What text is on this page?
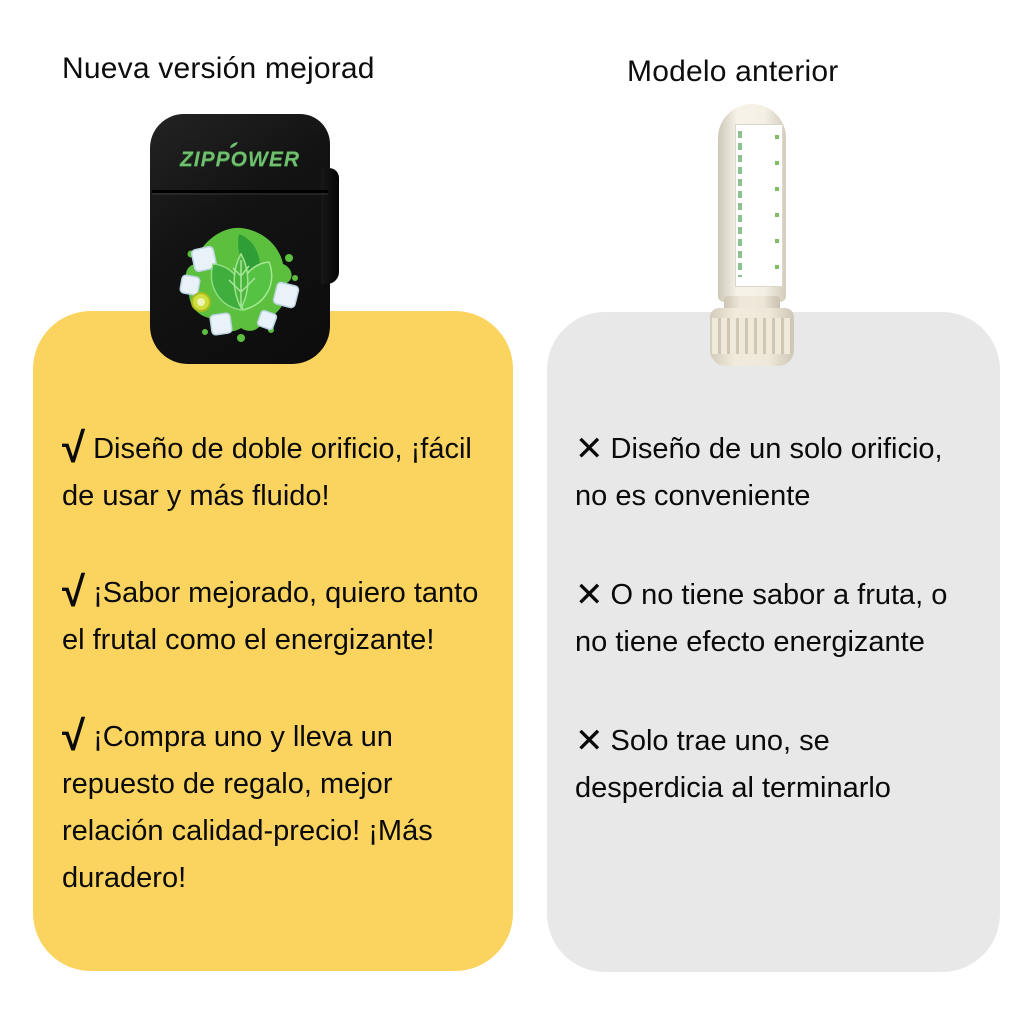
Nueva versión mejorad	Modelo anterior
√ Diseño de doble orificio, ¡fácil de usar y más fluido!
√ ¡Sabor mejorado, quiero tanto el frutal como el energizante!
√ ¡Compra uno y lleva un repuesto de regalo, mejor relación calidad-precio! ¡Más duradero!
✕ Diseño de un solo orificio, no es conveniente
✕ O no tiene sabor a fruta, o no tiene efecto energizante
✕ Solo trae uno, se desperdicia al terminarlo
ZIPPOWER
